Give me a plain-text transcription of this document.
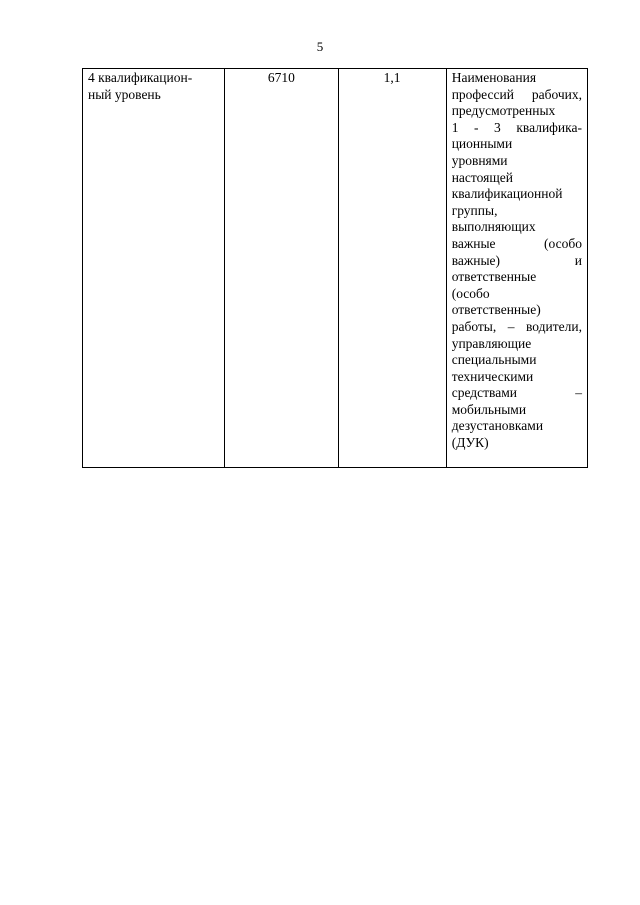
5
4 квалификацион-
ный уровень
	6710	1,1	Наименования
профессий рабочих,
предусмотренных
1 - 3 квалифика-
ционными
уровнями
настоящей
квалификационной
группы,
выполняющих
важные (особо
важные) и
ответственные
(особо
ответственные)
работы, – водители,
управляющие
специальными
техническими
средствами –
мобильными
дезустановками
(ДУК)
